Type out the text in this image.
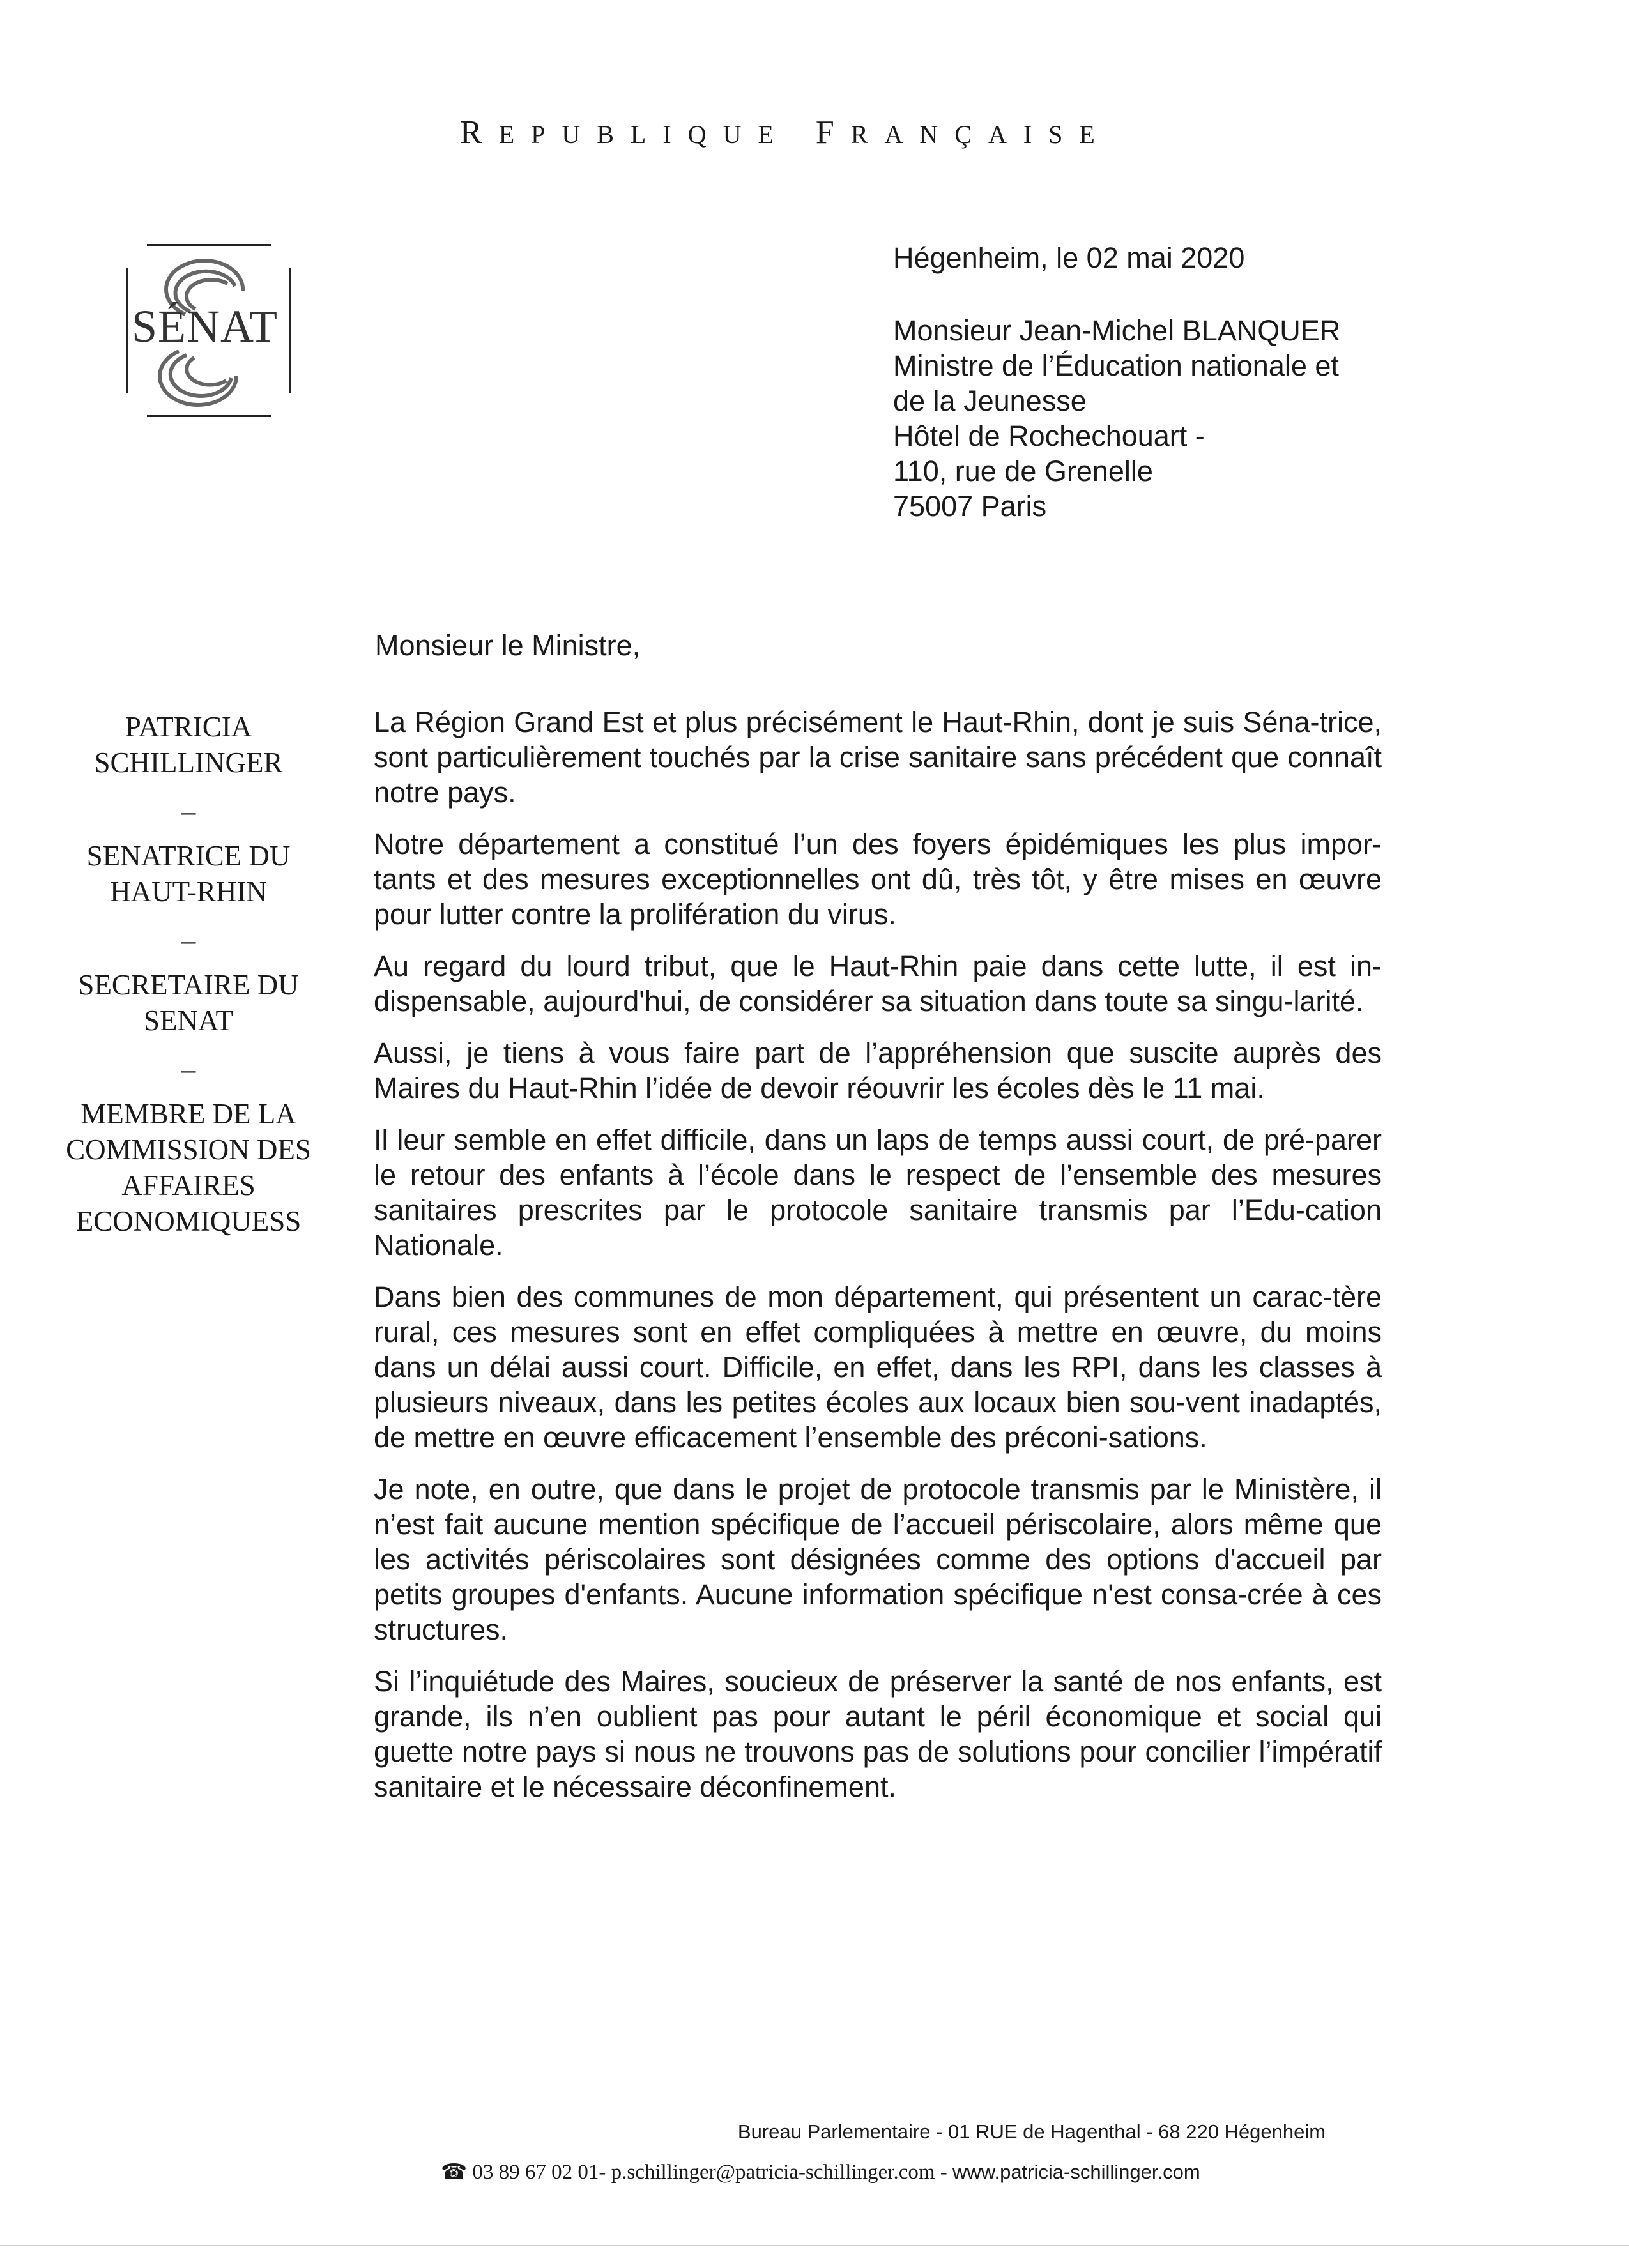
REPUBLIQUE FRANÇAISE
SÉNAT
Hégenheim, le 02 mai 2020
Monsieur Jean-Michel BLANQUER
Ministre de l’Éducation nationale et
de la Jeunesse
Hôtel de Rochechouart -
110, rue de Grenelle
75007 Paris
Monsieur le Ministre,
PATRICIA
SCHILLINGER
–
SENATRICE DU
HAUT-RHIN
–
SECRETAIRE DU
SENAT
–
MEMBRE DE LA
COMMISSION DES
AFFAIRES
ECONOMIQUESS

La Région Grand Est et plus précisément le Haut-Rhin, dont je suis Séna-trice, sont particulièrement touchés par la crise sanitaire sans précédent que connaît notre pays.

Notre département a constitué l’un des foyers épidémiques les plus impor-tants et des mesures exceptionnelles ont dû, très tôt, y être mises en œuvre pour lutter contre la prolifération du virus.

Au regard du lourd tribut, que le Haut-Rhin paie dans cette lutte, il est in-dispensable, aujourd'hui, de considérer sa situation dans toute sa singu-larité.

Aussi, je tiens à vous faire part de l’appréhension que suscite auprès des Maires du Haut-Rhin l’idée de devoir réouvrir les écoles dès le 11 mai.

Il leur semble en effet difficile, dans un laps de temps aussi court, de pré-parer le retour des enfants à l’école dans le respect de l’ensemble des mesures sanitaires prescrites par le protocole sanitaire transmis par l’Edu-cation Nationale.

Dans bien des communes de mon département, qui présentent un carac-tère rural, ces mesures sont en effet compliquées à mettre en œuvre, du moins dans un délai aussi court. Difficile, en effet, dans les RPI, dans les classes à plusieurs niveaux, dans les petites écoles aux locaux bien sou-vent inadaptés, de mettre en œuvre efficacement l’ensemble des préconi-sations.

Je note, en outre, que dans le projet de protocole transmis par le Ministère, il n’est fait aucune mention spécifique de l’accueil périscolaire, alors même que les activités périscolaires sont désignées comme des options d'accueil par petits groupes d'enfants. Aucune information spécifique n'est consa-crée à ces structures.

Si l’inquiétude des Maires, soucieux de préserver la santé de nos enfants, est grande, ils n’en oublient pas pour autant le péril économique et social qui guette notre pays si nous ne trouvons pas de solutions pour concilier l’impératif sanitaire et le nécessaire déconfinement.

Bureau Parlementaire - 01 RUE de Hagenthal - 68 220 Hégenheim
☎ 03 89 67 02 01- p.schillinger@patricia-schillinger.com - www.patricia-schillinger.com
